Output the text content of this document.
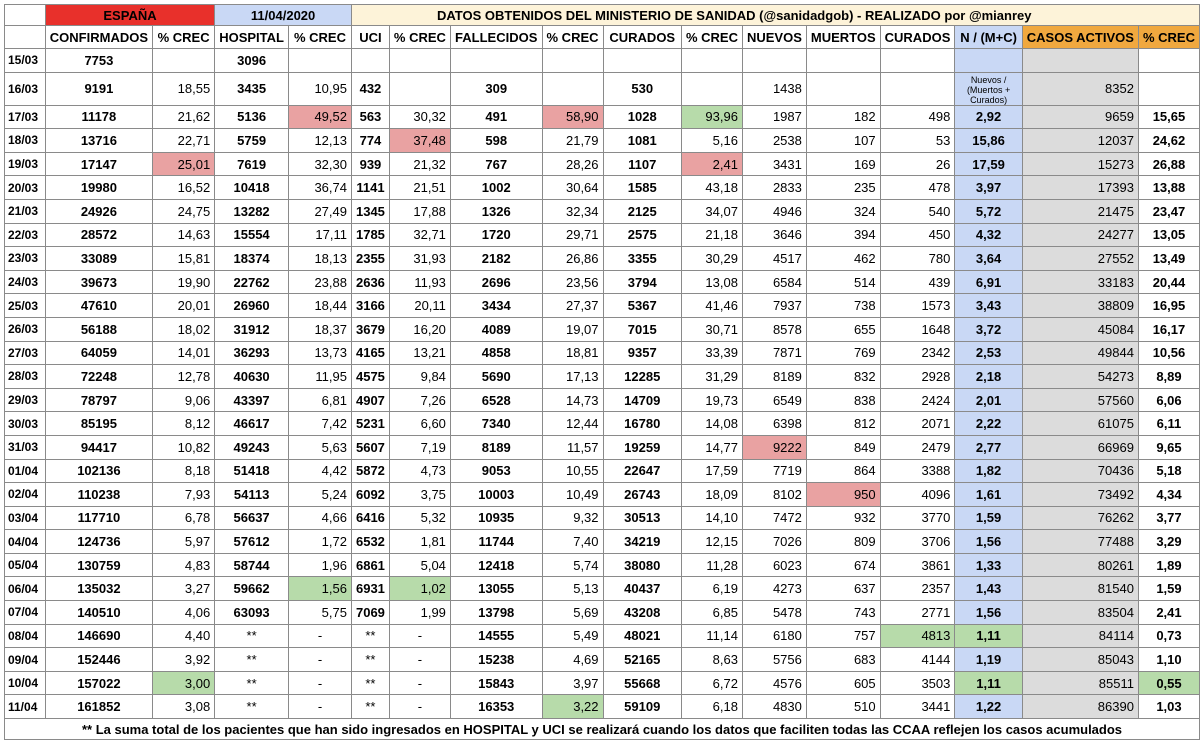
	ESPAÑA		11/04/2020		DATOS OBTENIDOS DEL MINISTERIO DE SANIDAD (@sanidadgob) - REALIZADO por @mianrey											
	CONFIRMADOS	% CREC	HOSPITAL	% CREC	UCI	% CREC	FALLECIDOS	% CREC	CURADOS	% CREC	NUEVOS	MUERTOS	CURADOS	N / (M+C)	CASOS ACTIVOS	% CREC
15/03	7753		3096													
16/03	9191	18,55	3435	10,95	432		309		530		1438			Nuevos / (Muertos + Curados)	8352	
17/03	11178	21,62	5136	49,52	563	30,32	491	58,90	1028	93,96	1987	182	498	2,92	9659	15,65
18/03	13716	22,71	5759	12,13	774	37,48	598	21,79	1081	5,16	2538	107	53	15,86	12037	24,62
19/03	17147	25,01	7619	32,30	939	21,32	767	28,26	1107	2,41	3431	169	26	17,59	15273	26,88
20/03	19980	16,52	10418	36,74	1141	21,51	1002	30,64	1585	43,18	2833	235	478	3,97	17393	13,88
21/03	24926	24,75	13282	27,49	1345	17,88	1326	32,34	2125	34,07	4946	324	540	5,72	21475	23,47
22/03	28572	14,63	15554	17,11	1785	32,71	1720	29,71	2575	21,18	3646	394	450	4,32	24277	13,05
23/03	33089	15,81	18374	18,13	2355	31,93	2182	26,86	3355	30,29	4517	462	780	3,64	27552	13,49
24/03	39673	19,90	22762	23,88	2636	11,93	2696	23,56	3794	13,08	6584	514	439	6,91	33183	20,44
25/03	47610	20,01	26960	18,44	3166	20,11	3434	27,37	5367	41,46	7937	738	1573	3,43	38809	16,95
26/03	56188	18,02	31912	18,37	3679	16,20	4089	19,07	7015	30,71	8578	655	1648	3,72	45084	16,17
27/03	64059	14,01	36293	13,73	4165	13,21	4858	18,81	9357	33,39	7871	769	2342	2,53	49844	10,56
28/03	72248	12,78	40630	11,95	4575	9,84	5690	17,13	12285	31,29	8189	832	2928	2,18	54273	8,89
29/03	78797	9,06	43397	6,81	4907	7,26	6528	14,73	14709	19,73	6549	838	2424	2,01	57560	6,06
30/03	85195	8,12	46617	7,42	5231	6,60	7340	12,44	16780	14,08	6398	812	2071	2,22	61075	6,11
31/03	94417	10,82	49243	5,63	5607	7,19	8189	11,57	19259	14,77	9222	849	2479	2,77	66969	9,65
01/04	102136	8,18	51418	4,42	5872	4,73	9053	10,55	22647	17,59	7719	864	3388	1,82	70436	5,18
02/04	110238	7,93	54113	5,24	6092	3,75	10003	10,49	26743	18,09	8102	950	4096	1,61	73492	4,34
03/04	117710	6,78	56637	4,66	6416	5,32	10935	9,32	30513	14,10	7472	932	3770	1,59	76262	3,77
04/04	124736	5,97	57612	1,72	6532	1,81	11744	7,40	34219	12,15	7026	809	3706	1,56	77488	3,29
05/04	130759	4,83	58744	1,96	6861	5,04	12418	5,74	38080	11,28	6023	674	3861	1,33	80261	1,89
06/04	135032	3,27	59662	1,56	6931	1,02	13055	5,13	40437	6,19	4273	637	2357	1,43	81540	1,59
07/04	140510	4,06	63093	5,75	7069	1,99	13798	5,69	43208	6,85	5478	743	2771	1,56	83504	2,41
08/04	146690	4,40	**	-	**	-	14555	5,49	48021	11,14	6180	757	4813	1,11	84114	0,73
09/04	152446	3,92	**	-	**	-	15238	4,69	52165	8,63	5756	683	4144	1,19	85043	1,10
10/04	157022	3,00	**	-	**	-	15843	3,97	55668	6,72	4576	605	3503	1,11	85511	0,55
11/04	161852	3,08	**	-	**	-	16353	3,22	59109	6,18	4830	510	3441	1,22	86390	1,03
** La suma total de los pacientes que han sido ingresados en HOSPITAL y UCI se realizará cuando los datos que faciliten todas las CCAA reflejen los casos acumulados																
